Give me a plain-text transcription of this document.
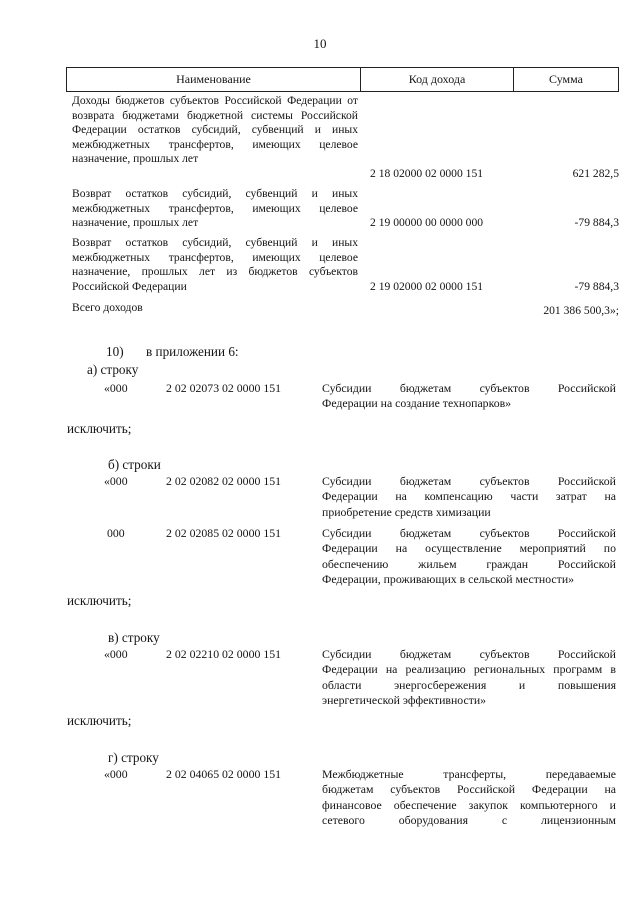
10
Наименование	Код дохода	Сумма
Доходы бюджетов субъектов Российской Федерации от возврата бюджетами бюджетной системы Российской Федерации остатков субсидий, субвенций и иных межбюджетных трансфертов, имеющих целевое назначение, прошлых лет
2 18 02000 02 0000 151	621 282,5
Возврат остатков субсидий, субвенций и иных межбюджетных трансфертов, имеющих целевое назначение, прошлых лет	2 19 00000 00 0000 000	-79 884,3
Возврат остатков субсидий, субвенций и иных межбюджетных трансфертов, имеющих целевое назначение, прошлых лет из бюджетов субъектов Российской Федерации	2 19 02000 02 0000 151	-79 884,3
Всего доходов	201 386 500,3»;
10) в приложении 6:
а) строку
«000	2 02 02073 02 0000 151	Субсидии бюджетам субъектов Российской
Федерации на создание технопарков»
исключить;
б) строки
«000	2 02 02082 02 0000 151	Субсидии бюджетам субъектов Российской
Федерации на компенсацию части затрат на
приобретение средств химизации
000	2 02 02085 02 0000 151	Субсидии бюджетам субъектов Российской
Федерации на осуществление мероприятий по
обеспечению жильем граждан Российской
Федерации, проживающих в сельской местности»
исключить;
в) строку
«000	2 02 02210 02 0000 151	Субсидии бюджетам субъектов Российской
Федерации на реализацию региональных программ в
области энергосбережения и повышения
энергетической эффективности»
исключить;
г) строку
«000	2 02 04065 02 0000 151	Межбюджетные трансферты, передаваемые
бюджетам субъектов Российской Федерации на
финансовое обеспечение закупок компьютерного и
сетевого оборудования с лицензионным
